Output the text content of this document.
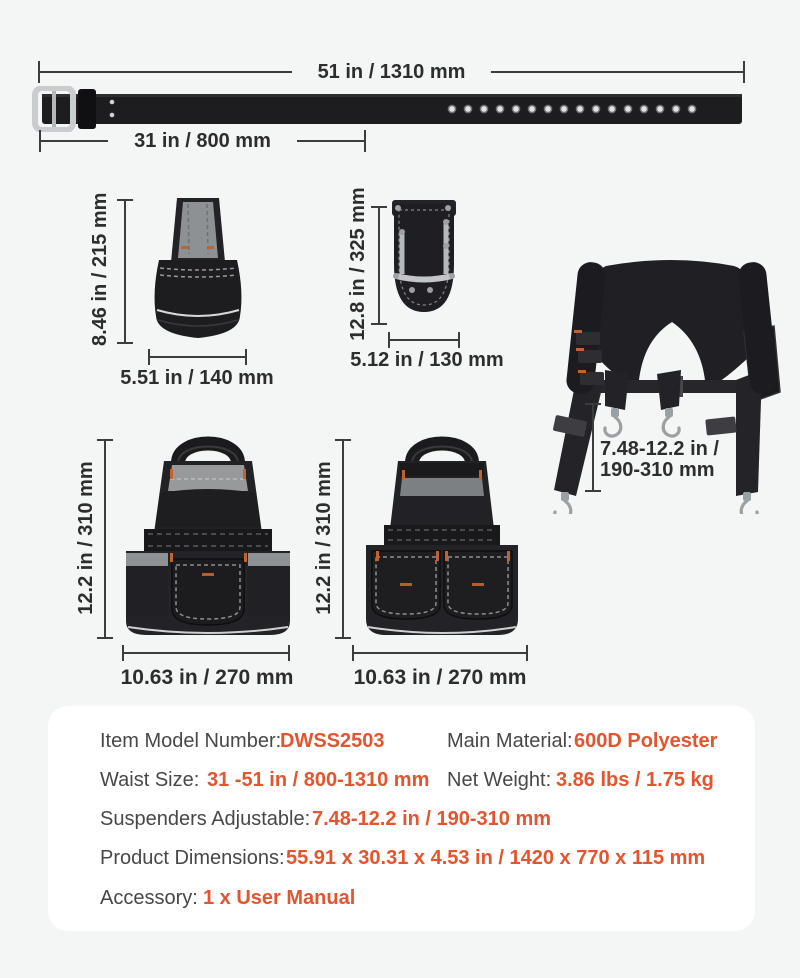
51 in / 1310 mm
31 in / 800 mm
8.46 in / 215 mm
5.51 in / 140 mm
12.8 in / 325 mm
5.12 in / 130 mm
7.48-12.2 in /
190-310 mm
12.2 in / 310 mm
10.63 in / 270 mm
12.2 in / 310 mm
10.63 in / 270 mm
Item Model Number:
DWSS2503	Main Material: 600D Polyester
Waist Size: 31 -51 in / 800-1310 mm Net Weight: 3.86 lbs / 1.75 kg
Suspenders Adjustable: 7.48-12.2 in / 190-310 mm
Product Dimensions: 55.91 x 30.31 x 4.53 in / 1420 x 770 x 115 mm
Accessory: 1 x User Manual
